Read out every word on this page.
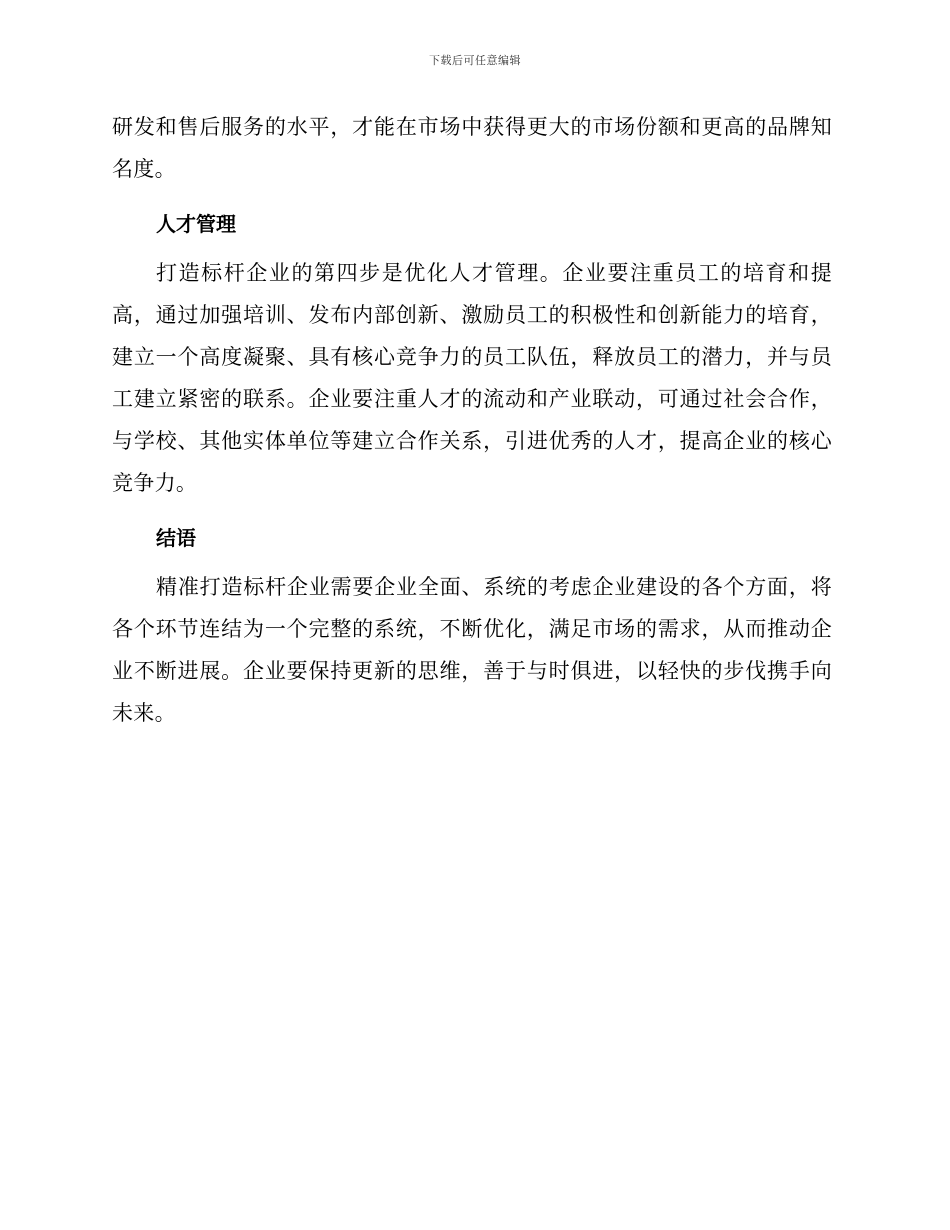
下载后可任意编辑

研发和售后服务的水平，才能在市场中获得更大的市场份额和更高的品牌知名度。

人才管理

打造标杆企业的第四步是优化人才管理。企业要注重员工的培育和提高，通过加强培训、发布内部创新、激励员工的积极性和创新能力的培育，建立一个高度凝聚、具有核心竞争力的员工队伍，释放员工的潜力，并与员工建立紧密的联系。企业要注重人才的流动和产业联动，可通过社会合作，与学校、其他实体单位等建立合作关系，引进优秀的人才，提高企业的核心竞争力。

结语

精准打造标杆企业需要企业全面、系统的考虑企业建设的各个方面，将各个环节连结为一个完整的系统，不断优化，满足市场的需求，从而推动企业不断进展。企业要保持更新的思维，善于与时俱进，以轻快的步伐携手向未来。
